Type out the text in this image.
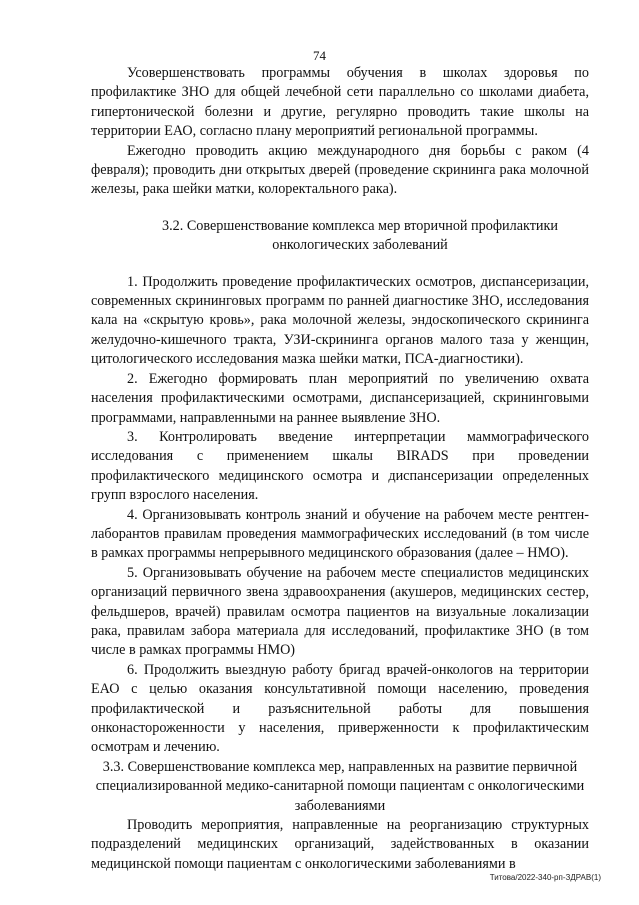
74

Усовершенствовать программы обучения в школах здоровья по профилактике ЗНО для общей лечебной сети параллельно со школами диабета, гипертонической болезни и другие, регулярно проводить такие школы на территории ЕАО, согласно плану мероприятий региональной программы.

Ежегодно проводить акцию международного дня борьбы с раком (4 февраля); проводить дни открытых дверей (проведение скрининга рака молочной железы, рака шейки матки, колоректального рака).

3.2. Совершенствование комплекса мер вторичной профилактики онкологических заболеваний

1. Продолжить проведение профилактических осмотров, диспансеризации, современных скрининговых программ по ранней диагностике ЗНО, исследования кала на «скрытую кровь», рака молочной железы, эндоскопического скрининга желудочно-кишечного тракта, УЗИ-скрининга органов малого таза у женщин, цитологического исследования мазка шейки матки, ПСА-диагностики).

2. Ежегодно формировать план мероприятий по увеличению охвата населения профилактическими осмотрами, диспансеризацией, скрининговыми программами, направленными на раннее выявление ЗНО.

3. Контролировать введение интерпретации маммографического исследования с применением шкалы BIRADS при проведении профилактического медицинского осмотра и диспансеризации определенных групп взрослого населения.

4. Организовывать контроль знаний и обучение на рабочем месте рентген-лаборантов правилам проведения маммографических исследований (в том числе в рамках программы непрерывного медицинского образования (далее – НМО).

5. Организовывать обучение на рабочем месте специалистов медицинских организаций первичного звена здравоохранения (акушеров, медицинских сестер, фельдшеров, врачей) правилам осмотра пациентов на визуальные локализации рака, правилам забора материала для исследований, профилактике ЗНО (в том числе в рамках программы НМО)

6. Продолжить выездную работу бригад врачей-онкологов на территории ЕАО с целью оказания консультативной помощи населению, проведения профилактической и разъяснительной работы для повышения онконастороженности у населения, приверженности к профилактическим осмотрам и лечению.

3.3. Совершенствование комплекса мер, направленных на развитие первичной специализированной медико-санитарной помощи пациентам с онкологическими заболеваниями

Проводить мероприятия, направленные на реорганизацию структурных подразделений медицинских организаций, задействованных в оказании медицинской помощи пациентам с онкологическими заболеваниями в

Титова/2022-340-рп-ЗДРАВ(1)
